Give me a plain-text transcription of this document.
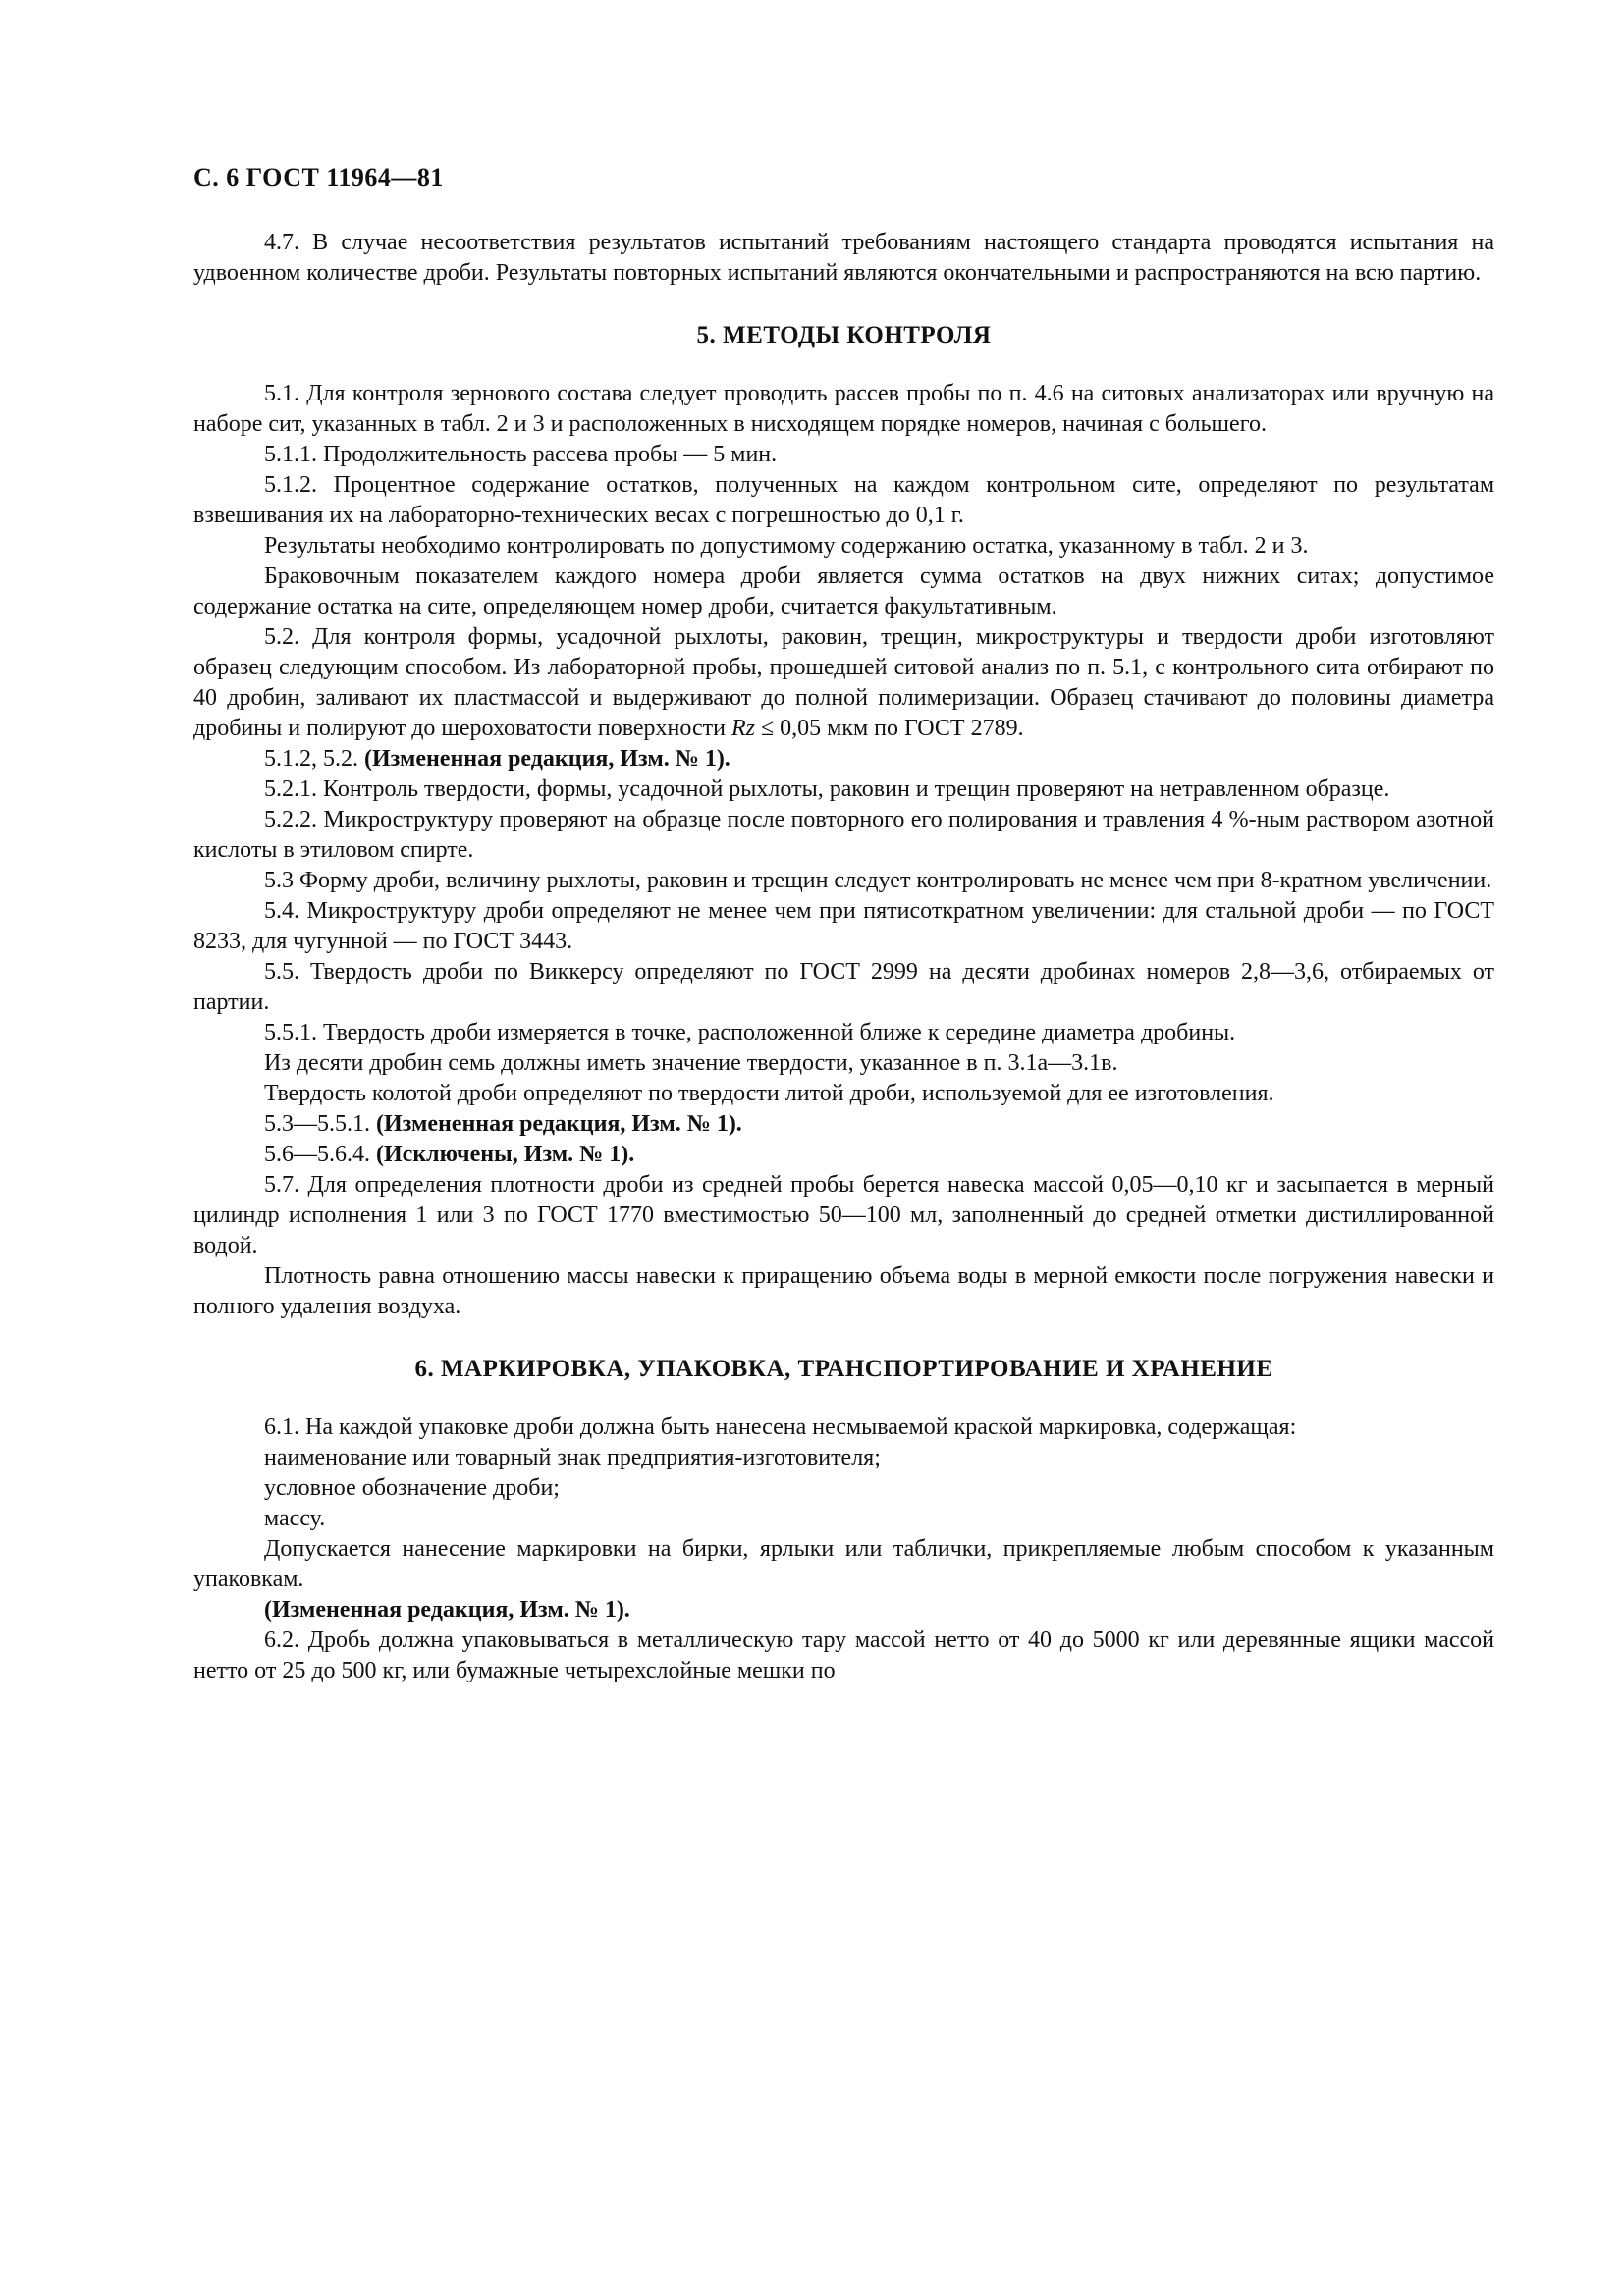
С. 6 ГОСТ 11964—81

4.7. В случае несоответствия результатов испытаний требованиям настоящего стандарта проводятся испытания на удвоенном количестве дроби. Результаты повторных испытаний являются окончательными и распространяются на всю партию.

5. МЕТОДЫ КОНТРОЛЯ

5.1. Для контроля зернового состава следует проводить рассев пробы по п. 4.6 на ситовых анализаторах или вручную на наборе сит, указанных в табл. 2 и 3 и расположенных в нисходящем порядке номеров, начиная с большего.

5.1.1. Продолжительность рассева пробы — 5 мин.

5.1.2. Процентное содержание остатков, полученных на каждом контрольном сите, определяют по результатам взвешивания их на лабораторно-технических весах с погрешностью до 0,1 г.

Результаты необходимо контролировать по допустимому содержанию остатка, указанному в табл. 2 и 3.

Браковочным показателем каждого номера дроби является сумма остатков на двух нижних ситах; допустимое содержание остатка на сите, определяющем номер дроби, считается факультативным.

5.2. Для контроля формы, усадочной рыхлоты, раковин, трещин, микроструктуры и твердости дроби изготовляют образец следующим способом. Из лабораторной пробы, прошедшей ситовой анализ по п. 5.1, с контрольного сита отбирают по 40 дробин, заливают их пластмассой и выдерживают до полной полимеризации. Образец стачивают до половины диаметра дробины и полируют до шероховатости поверхности Rz ≤ 0,05 мкм по ГОСТ 2789.

5.1.2, 5.2. (Измененная редакция, Изм. № 1).

5.2.1. Контроль твердости, формы, усадочной рыхлоты, раковин и трещин проверяют на нетравленном образце.

5.2.2. Микроструктуру проверяют на образце после повторного его полирования и травления 4 %-ным раствором азотной кислоты в этиловом спирте.

5.3 Форму дроби, величину рыхлоты, раковин и трещин следует контролировать не менее чем при 8-кратном увеличении.

5.4. Микроструктуру дроби определяют не менее чем при пятисоткратном увеличении: для стальной дроби — по ГОСТ 8233, для чугунной — по ГОСТ 3443.

5.5. Твердость дроби по Виккерсу определяют по ГОСТ 2999 на десяти дробинах номеров 2,8—3,6, отбираемых от партии.

5.5.1. Твердость дроби измеряется в точке, расположенной ближе к середине диаметра дробины.

Из десяти дробин семь должны иметь значение твердости, указанное в п. 3.1а—3.1в.

Твердость колотой дроби определяют по твердости литой дроби, используемой для ее изготовления.

5.3—5.5.1. (Измененная редакция, Изм. № 1).

5.6—5.6.4. (Исключены, Изм. № 1).

5.7. Для определения плотности дроби из средней пробы берется навеска массой 0,05—0,10 кг и засыпается в мерный цилиндр исполнения 1 или 3 по ГОСТ 1770 вместимостью 50—100 мл, заполненный до средней отметки дистиллированной водой.

Плотность равна отношению массы навески к приращению объема воды в мерной емкости после погружения навески и полного удаления воздуха.

6. МАРКИРОВКА, УПАКОВКА, ТРАНСПОРТИРОВАНИЕ И ХРАНЕНИЕ

6.1. На каждой упаковке дроби должна быть нанесена несмываемой краской маркировка, содержащая:

наименование или товарный знак предприятия-изготовителя;

условное обозначение дроби;

массу.

Допускается нанесение маркировки на бирки, ярлыки или таблички, прикрепляемые любым способом к указанным упаковкам.

(Измененная редакция, Изм. № 1).

6.2. Дробь должна упаковываться в металлическую тару массой нетто от 40 до 5000 кг или деревянные ящики массой нетто от 25 до 500 кг, или бумажные четырехслойные мешки по
